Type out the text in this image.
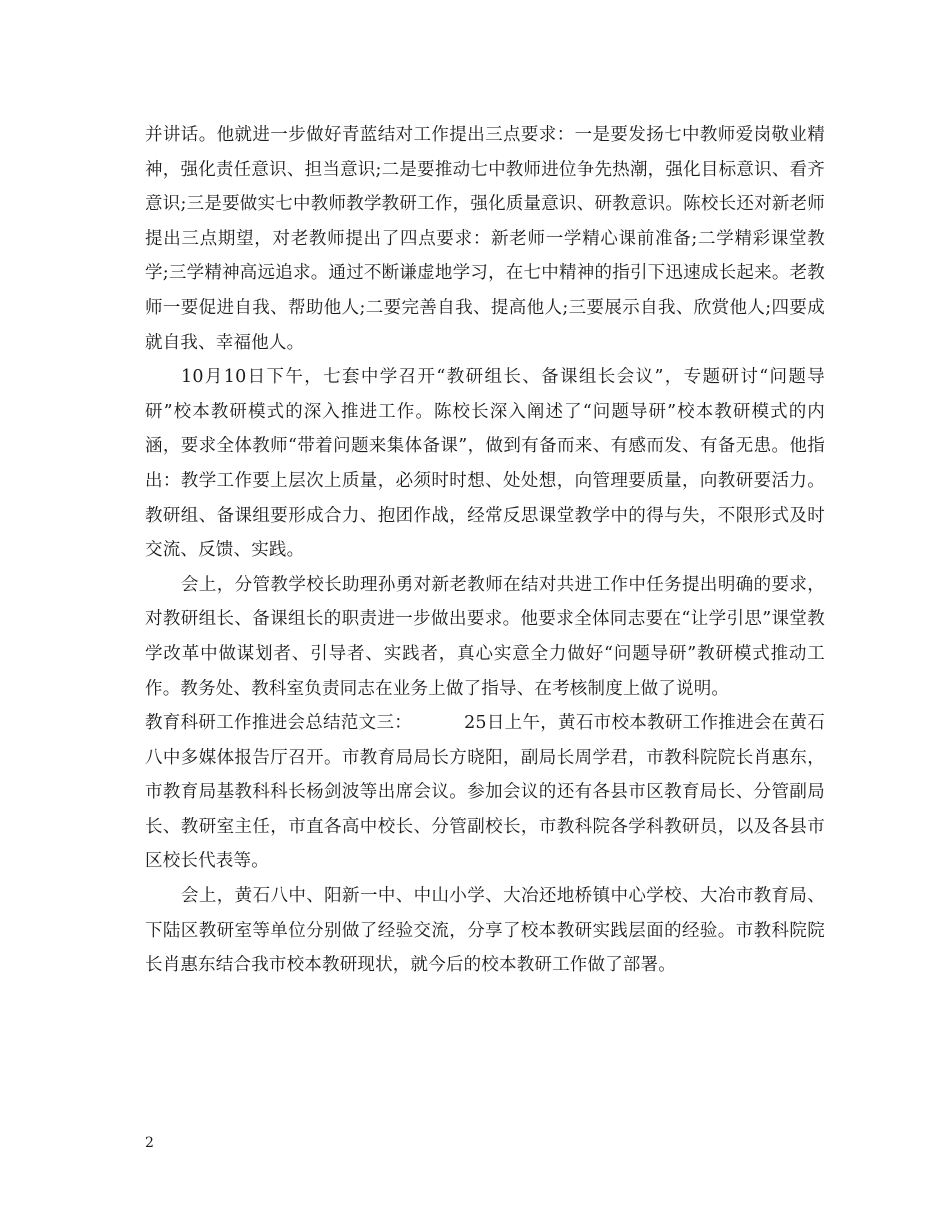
并讲话。他就进一步做好青蓝结对工作提出三点要求：一是要发扬七中教师爱岗敬业精神，强化责任意识、担当意识;二是要推动七中教师进位争先热潮，强化目标意识、看齐意识;三是要做实七中教师教学教研工作，强化质量意识、研教意识。陈校长还对新老师提出三点期望，对老教师提出了四点要求：新老师一学精心课前准备;二学精彩课堂教学;三学精神高远追求。通过不断谦虚地学习，在七中精神的指引下迅速成长起来。老教师一要促进自我、帮助他人;二要完善自我、提高他人;三要展示自我、欣赏他人;四要成就自我、幸福他人。

10月10日下午，七套中学召开“教研组长、备课组长会议”，专题研讨“问题导研”校本教研模式的深入推进工作。陈校长深入阐述了“问题导研”校本教研模式的内涵，要求全体教师“带着问题来集体备课”，做到有备而来、有感而发、有备无患。他指出：教学工作要上层次上质量，必须时时想、处处想，向管理要质量，向教研要活力。教研组、备课组要形成合力、抱团作战，经常反思课堂教学中的得与失，不限形式及时交流、反馈、实践。

会上，分管教学校长助理孙勇对新老教师在结对共进工作中任务提出明确的要求，对教研组长、备课组长的职责进一步做出要求。他要求全体同志要在“让学引思”课堂教学改革中做谋划者、引导者、实践者，真心实意全力做好“问题导研”教研模式推动工作。教务处、教科室负责同志在业务上做了指导、在考核制度上做了说明。

教育科研工作推进会总结范文三：	25日上午，黄石市校本教研工作推进会在黄石八中多媒体报告厅召开。市教育局局长方晓阳，副局长周学君，市教科院院长肖惠东，市教育局基教科科长杨剑波等出席会议。参加会议的还有各县市区教育局长、分管副局长、教研室主任，市直各高中校长、分管副校长，市教科院各学科教研员，以及各县市区校长代表等。

会上，黄石八中、阳新一中、中山小学、大冶还地桥镇中心学校、大冶市教育局、下陆区教研室等单位分别做了经验交流，分享了校本教研实践层面的经验。市教科院院长肖惠东结合我市校本教研现状，就今后的校本教研工作做了部署。

2
